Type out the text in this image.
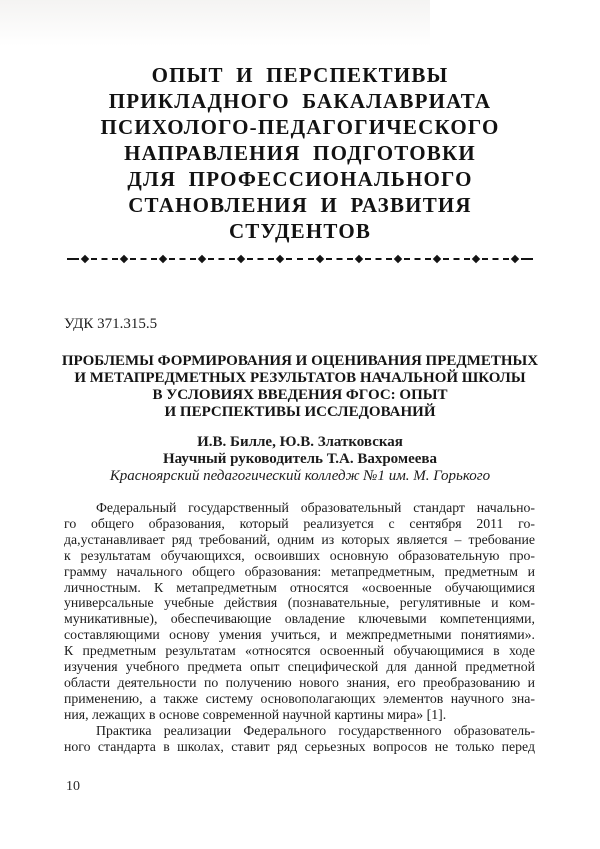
ОПЫТ И ПЕРСПЕКТИВЫ
ПРИКЛАДНОГО БАКАЛАВРИАТА
ПСИХОЛОГО-ПЕДАГОГИЧЕСКОГО
НАПРАВЛЕНИЯ ПОДГОТОВКИ
ДЛЯ ПРОФЕССИОНАЛЬНОГО
СТАНОВЛЕНИЯ И РАЗВИТИЯ
СТУДЕНТОВ
УДК 371.315.5
ПРОБЛЕМЫ ФОРМИРОВАНИЯ И ОЦЕНИВАНИЯ ПРЕДМЕТНЫХ
И МЕТАПРЕДМЕТНЫХ РЕЗУЛЬТАТОВ НАЧАЛЬНОЙ ШКОЛЫ
В УСЛОВИЯХ ВВЕДЕНИЯ ФГОС: ОПЫТ
И ПЕРСПЕКТИВЫ ИССЛЕДОВАНИЙ
И.В. Билле, Ю.В. Златковская
Научный руководитель Т.А. Вахромеева
Красноярский педагогический колледж №1 им. М. Горького
Федеральный государственный образовательный стандарт начально-
го общего образования, который реализуется с сентября 2011 го-
да,устанавливает ряд требований, одним из которых является – требование
к результатам обучающихся, освоивших основную образовательную про-
грамму начального общего образования: метапредметным, предметным и
личностным. К метапредметным относятся «освоенные обучающимися
универсальные учебные действия (познавательные, регулятивные и ком-
муникативные), обеспечивающие овладение ключевыми компетенциями,
составляющими основу умения учиться, и межпредметными понятиями».
К предметным результатам «относятся освоенный обучающимися в ходе
изучения учебного предмета опыт специфической для данной предметной
области деятельности по получению нового знания, его преобразованию и
применению, а также систему основополагающих элементов научного зна-
ния, лежащих в основе современной научной картины мира» [1].
Практика реализации Федерального государственного образователь-
ного стандарта в школах, ставит ряд серьезных вопросов не только перед
10
